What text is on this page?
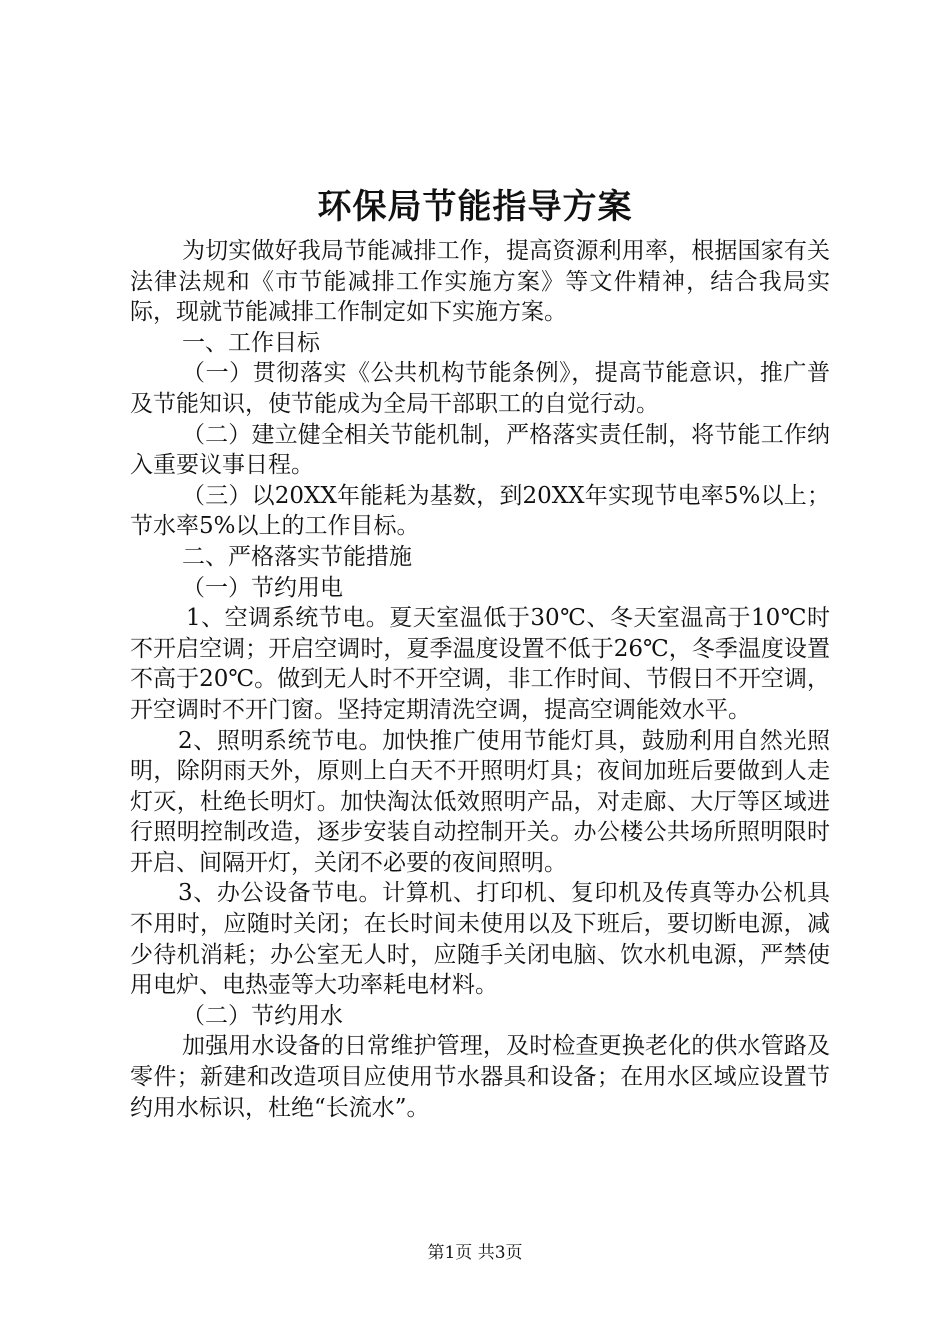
环保局节能指导方案

为切实做好我局节能减排工作，提高资源利用率，根据国家有关法律法规和《市节能减排工作实施方案》等文件精神，结合我局实际，现就节能减排工作制定如下实施方案。

一、工作目标

（一）贯彻落实《公共机构节能条例》，提高节能意识，推广普及节能知识，使节能成为全局干部职工的自觉行动。

（二）建立健全相关节能机制，严格落实责任制，将节能工作纳入重要议事日程。

（三）以20XX年能耗为基数，到20XX年实现节电率5%以上；节水率5%以上的工作目标。

二、严格落实节能措施

（一）节约用电

1、空调系统节电。夏天室温低于30℃、冬天室温高于10℃时不开启空调；开启空调时，夏季温度设置不低于26℃，冬季温度设置不高于20℃。做到无人时不开空调，非工作时间、节假日不开空调，开空调时不开门窗。坚持定期清洗空调，提高空调能效水平。

2、照明系统节电。加快推广使用节能灯具，鼓励利用自然光照明，除阴雨天外，原则上白天不开照明灯具；夜间加班后要做到人走灯灭，杜绝长明灯。加快淘汰低效照明产品，对走廊、大厅等区域进行照明控制改造，逐步安装自动控制开关。办公楼公共场所照明限时开启、间隔开灯，关闭不必要的夜间照明。

3、办公设备节电。计算机、打印机、复印机及传真等办公机具不用时，应随时关闭；在长时间未使用以及下班后，要切断电源，减少待机消耗；办公室无人时，应随手关闭电脑、饮水机电源，严禁使用电炉、电热壶等大功率耗电材料。

（二）节约用水

加强用水设备的日常维护管理，及时检查更换老化的供水管路及零件；新建和改造项目应使用节水器具和设备；在用水区域应设置节约用水标识，杜绝“长流水”。

第1页 共3页
